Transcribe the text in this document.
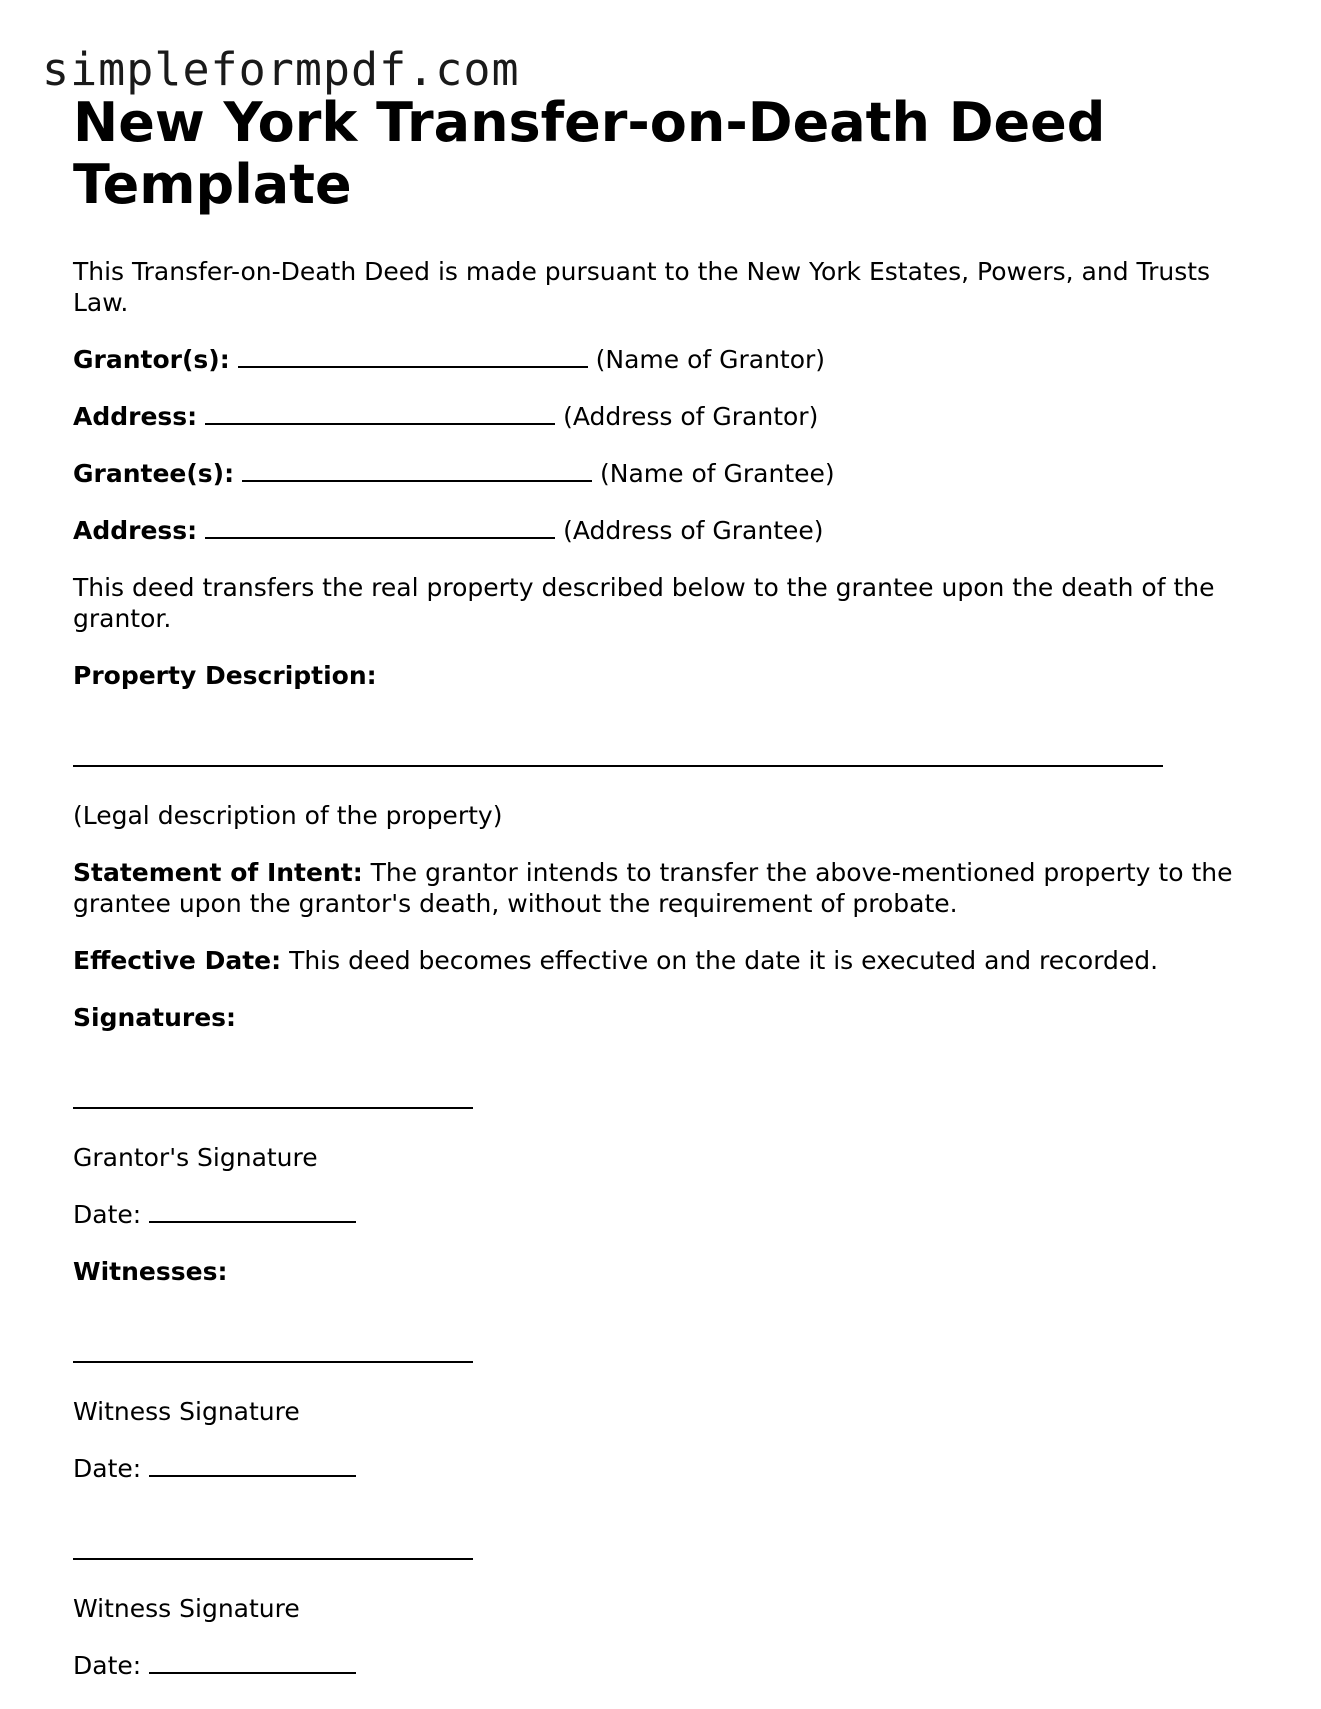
simpleformpdf.com
New York Transfer-on-Death Deed Template

This Transfer-on-Death Deed is made pursuant to the New York Estates, Powers, and Trusts Law.

Grantor(s):	(Name of Grantor)

Address:	(Address of Grantor)

Grantee(s):	(Name of Grantee)

Address:	(Address of Grantee)

This deed transfers the real property described below to the grantee upon the death of the grantor.

Property Description:

(Legal description of the property)

Statement of Intent: The grantor intends to transfer the above-mentioned property to the grantee upon the grantor's death, without the requirement of probate.

Effective Date: This deed becomes effective on the date it is executed and recorded.

Signatures:

Grantor's Signature

Date:

Witnesses:

Witness Signature

Date:

Witness Signature

Date:
